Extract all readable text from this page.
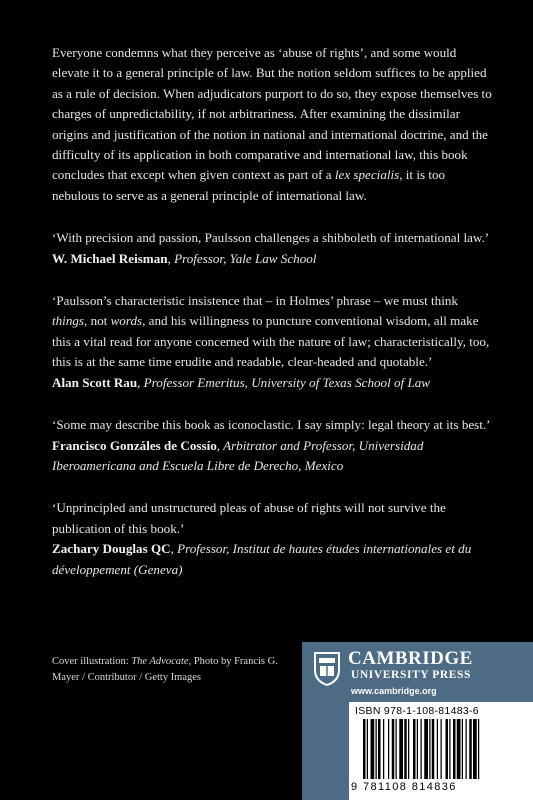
Everyone condemns what they perceive as ‘abuse of rights’, and some would elevate it to a general principle of law. But the notion seldom suffices to be applied as a rule of decision. When adjudicators purport to do so, they expose themselves to charges of unpredictability, if not arbitrariness. After examining the dissimilar origins and justification of the notion in national and international doctrine, and the difficulty of its application in both comparative and international law, this book concludes that except when given context as part of a lex specialis, it is too nebulous to serve as a general principle of international law.

‘With precision and passion, Paulsson challenges a shibboleth of international law.’

W. Michael Reisman, Professor, Yale Law School

‘Paulsson’s characteristic insistence that – in Holmes’ phrase – we must think things, not words, and his willingness to puncture conventional wisdom, all make this a vital read for anyone concerned with the nature of law; characteristically, too, this is at the same time erudite and readable, clear-headed and quotable.’

Alan Scott Rau, Professor Emeritus, University of Texas School of Law

‘Some may describe this book as iconoclastic. I say simply: legal theory at its best.’

Francisco Gonzáles de Cossío, Arbitrator and Professor, Universidad Iberoamericana and Escuela Libre de Derecho, Mexico

‘Unprincipled and unstructured pleas of abuse of rights will not survive the publication of this book.’

Zachary Douglas QC, Professor, Institut de hautes études internationales et du développement (Geneva)

Cover illustration: The Advocate, Photo by Francis G. Mayer / Contributor / Getty Images

CAMBRIDGE
UNIVERSITY PRESS
www.cambridge.org
ISBN 978-1-108-81483-6
9 781108 814836
